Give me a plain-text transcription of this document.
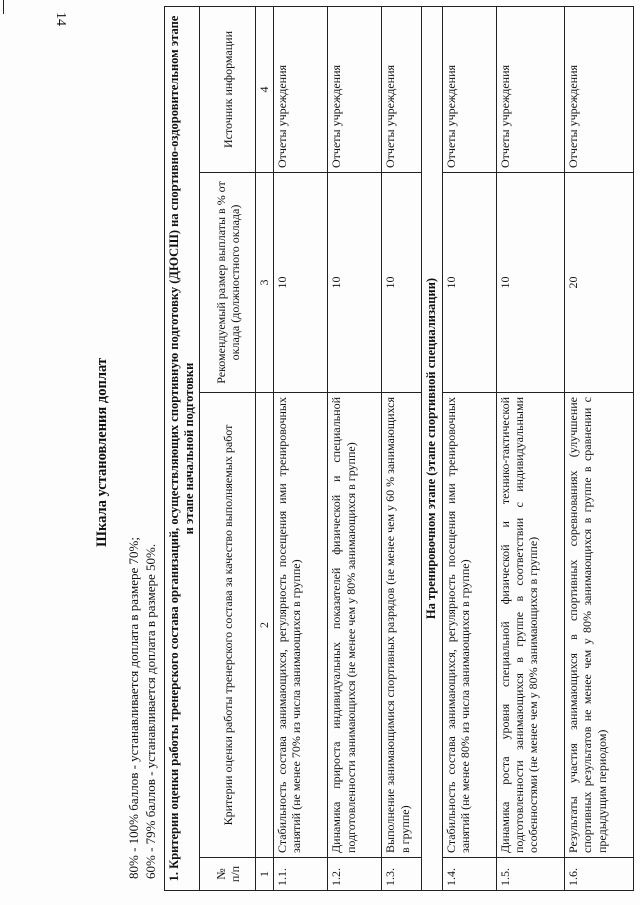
14
Шкала установления доплат
80% - 100% баллов - устанавливается доплата в размере 70%; 60% - 79% баллов - устанавливается доплата в размере 50%. 1. Критерии оценки работы тренерского состава организаций, осуществляющих спортивную подготовку (ДЮСШ) на спортивно-оздоровительном этапе и этапе начальной подготовки			
№ п/п	Критерии оценки работы тренерского состава за качество выполняемых работ	Рекомендуемый размер выплаты в % от оклада (должностного оклада)	Источник информации
1	2	3	4
1.1.	Стабильность состава занимающихся, регулярность посещения ими тренировочных занятий (не менее 70% из числа занимающихся в группе)	10	Отчеты учреждения
1.2.	Динамика прироста индивидуальных показателей физической и специальной подготовленности занимающихся (не менее чем у 80% занимающихся в группе)	10	Отчеты учреждения
1.3.	Выполнение занимающимися спортивных разрядов (не менее чем у 60 % занимающихся в группе)	10	Отчеты учреждения
На тренировочном этапе (этапе спортивной специализации)			
1.4.	Стабильность состава занимающихся, регулярность посещения ими тренировочных занятий (не менее 80% из числа занимающихся в группе)	10	Отчеты учреждения
1.5.	Динамика роста уровня специальной физической и технико-тактической подготовленности занимающихся в группе в соответствии с индивидуальными особенностями (не менее чем у 80% занимающихся в группе)	10	Отчеты учреждения
1.6.	Результаты участия занимающихся в спортивных соревнованиях (улучшение спортивных результатов не менее чем у 80% занимающихся в группе в сравнении с предыдущим периодом)	20	Отчеты учреждения
